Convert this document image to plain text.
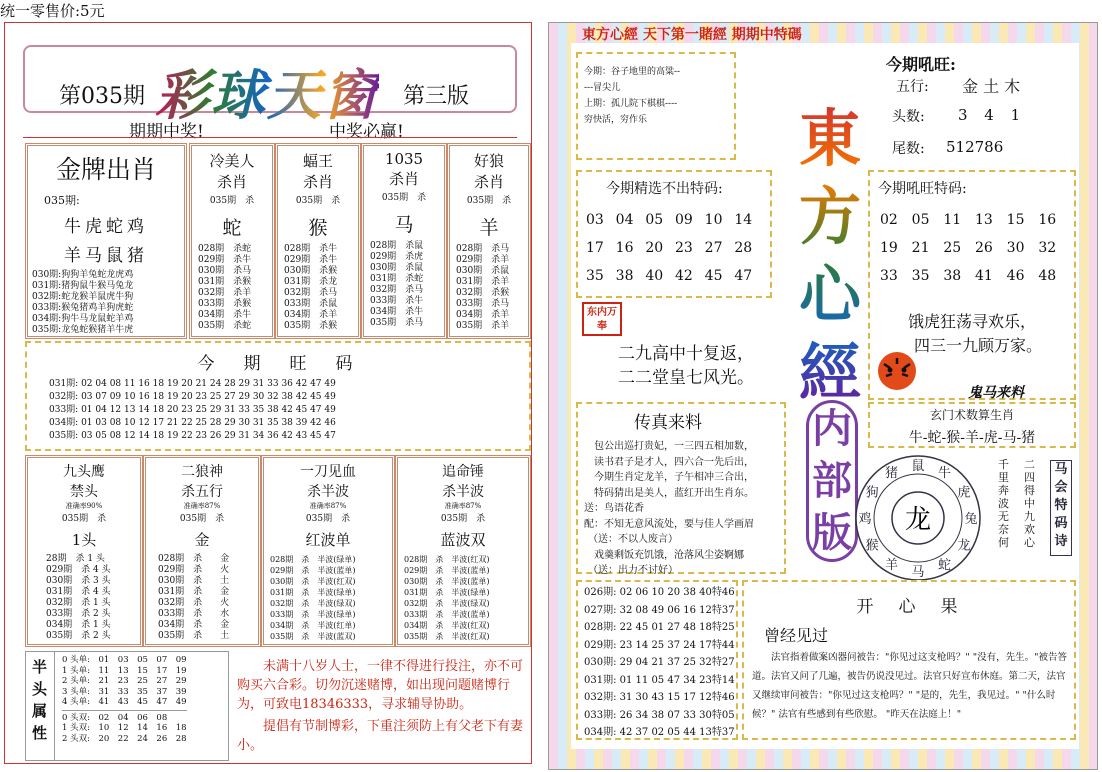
统一零售价:5元
第035期 彩球天窗 第三版
期期中奖!	中奖必赢!
金牌出肖
035期:
牛虎蛇鸡
羊马鼠猪
030期:狗狗羊兔蛇龙虎鸡
031期:猪狗鼠牛猴马兔龙
032期:蛇龙猴羊鼠虎牛狗
033期:猴兔猪鸡羊狗虎蛇
034期:狗牛马龙鼠蛇羊鸡
035期:龙兔蛇猴猪羊牛虎
冷美人
杀肖
035期　杀
蛇
028期　杀蛇
029期　杀牛
030期　杀马
031期　杀猴
032期　杀羊
033期　杀猴
034期　杀牛
035期　杀蛇
蝠王
杀肖
035期　杀
猴
028期　杀牛
029期　杀牛
030期　杀猴
031期　杀龙
032期　杀马
033期　杀鼠
034期　杀羊
035期　杀猴
1035
杀肖
035期　杀
马
028期　杀鼠
029期　杀虎
030期　杀鼠
031期　杀蛇
032期　杀马
033期　杀牛
034期　杀牛
035期　杀马
好狼
杀肖
035期　杀
羊
028期　杀马
029期　杀羊
030期　杀鼠
031期　杀羊
032期　杀猴
033期　杀马
034期　杀羊
035期　杀羊
今　期　旺　码
031期: 02 04 08 11 16 18 19 20 21 24 28 29 31 33 36 42 47 49
032期: 03 07 09 10 16 18 19 20 23 25 27 29 30 32 38 42 45 49
033期: 01 04 12 13 14 18 20 23 25 29 31 33 35 38 42 45 47 49
034期: 01 03 08 10 12 17 21 22 25 28 29 30 31 35 38 39 42 46
035期: 03 05 08 12 14 18 19 22 23 26 29 31 34 36 42 43 45 47
九头鹰
禁头
准确率90%
035期　杀
1头
28期　杀 1 头
029期　杀 4 头
030期　杀 3 头
031期　杀 4 头
032期　杀 1 头
033期　杀 2 头
034期　杀 1 头
035期　杀 2 头
二狼神
杀五行
准确率87%
035期　杀
金
028期　杀　　金
029期　杀　　火
030期　杀　　土
031期　杀　　金
032期　杀　　火
033期　杀　　水
034期　杀　　金
035期　杀　　土
一刀见血
杀半波
准确率87%
035期　杀
红波单
028期　杀　半波(绿单)
029期　杀　半波(蓝单)
030期　杀　半波(红双)
031期　杀　半波(绿单)
032期　杀　半波(绿双)
033期　杀　半波(绿单)
034期　杀　半波(红单)
035期　杀　半波(蓝双)
追命锤
杀半波
准确率87%
035期　杀
蓝波双
028期　杀　半波(红双)
029期　杀　半波(蓝单)
030期　杀　半波(蓝单)
031期　杀　半波(绿单)
032期　杀　半波(绿双)
033期　杀　半波(蓝单)
034期　杀　半波(红双)
035期　杀　半波(红双)
半头属性
0 头单:　01　03　05　07　09
1 头单:　11　13　15　17　19
2 头单:　21　23　25　27　29
3 头单:　31　33　35　37　39
4 头单:　41　43　45　47　49
0 头双:　02　04　06　08
1 头双:　10　12　14　16　18
2 头双:　20　22　24　26　28
未满十八岁人士，一律不得进行投注，亦不可购买六合彩。切勿沉迷赌博，如出现问题赌博行为，可致电18346333，寻求辅导协助。
提倡有节制博彩，下重注须防上有父老下有妻小。
東方心經 天下第一賭經 期期中特碼
今期：谷子地里的高粱--
---冒尖儿
上期：孤儿院下棋棋----
穷快活，穷作乐	東方心經
内部版
今期吼旺:
五行: 金 土 木
头数: 3 4 1
尾数: 512786
今期精选不出特码:
03 04 05 09 10 14
17 16 20 23 27 28
35 38 40 42 45 47
今期吼旺特码:
02 05 11 13 15 16
19 21 25 26 30 32
33 35 38 41 46 48
饿虎狂荡寻欢乐，
四三一九顾万家。
东内万奉
二九高中十复返，
二二堂皇七风光。
鬼马来料
玄门术数算生肖
牛-蛇-猴-羊-虎-马-猪
传真来料
包公出巡打贵妃，一三四五相加数，
读书君子是才人，四六合一先后出，
今期生肖定龙羊，子午相冲三合出，
特码猜出是美人，蓝红开出生肖东。
送：鸟语花香
配：不知无意风流处，要与佳人学画眉
（送：不以人废言）
　戏羹剩饭充饥饿，沧落风尘姿婀娜
（送：出力不讨好）
龙
鼠 牛
虎
兔
龙
蛇
马
羊
猴
鸡
狗
猪
千里奔波无奈何
二四得中九欢心
马会特码诗
026期: 02 06 10 20 38 40特46
027期: 32 08 49 06 16 12特37
028期: 22 45 01 27 48 18特25
029期: 23 14 25 37 24 17特44
030期: 29 04 21 37 25 32特27
031期: 01 11 05 47 34 23特14
032期: 31 30 43 15 17 12特46
033期: 26 34 38 07 33 30特05
034期: 42 37 02 05 44 13特37
开　心　果
曾经见过
法官指着做案凶器问被告："你见过这支枪吗？" "没有，先生。"被告答道。法官又问了几遍，被告仍说没见过。法官只好宣布休庭。第二天，法官又继续审问被告："你见过这支枪吗？" "是的，先生，我见过。" "什么时候？" 法官有些感到有些欣慰。 "昨天在法庭上！"
